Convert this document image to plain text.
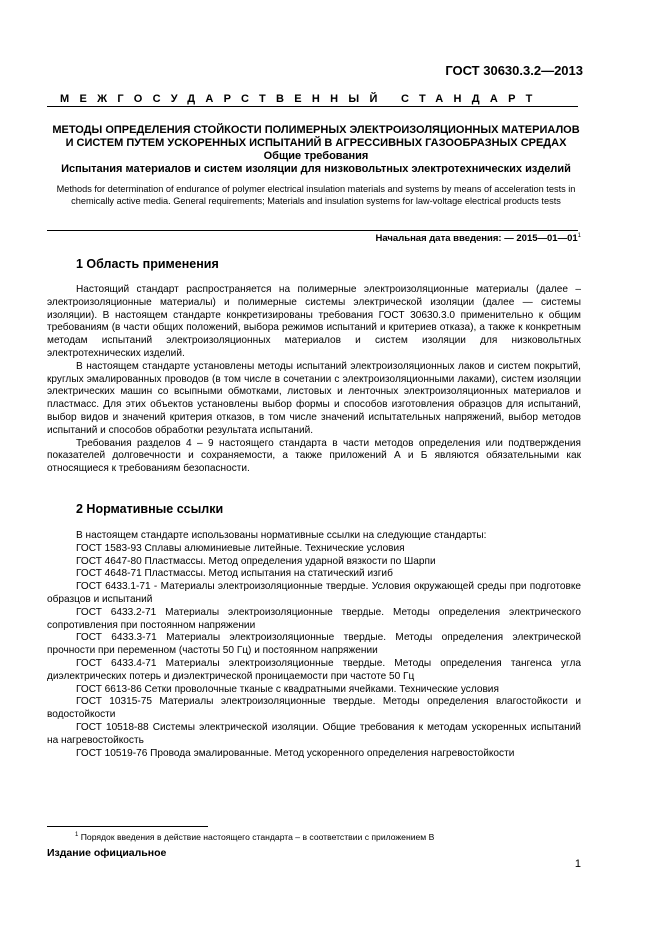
ГОСТ 30630.3.2—2013
МЕЖГОСУДАРСТВЕННЫЙ СТАНДАРТ
МЕТОДЫ ОПРЕДЕЛЕНИЯ СТОЙКОСТИ ПОЛИМЕРНЫХ ЭЛЕКТРОИЗОЛЯЦИОННЫХ МАТЕРИАЛОВ
И СИСТЕМ ПУТЕМ УСКОРЕННЫХ ИСПЫТАНИЙ В АГРЕССИВНЫХ ГАЗООБРАЗНЫХ СРЕДАХ
Общие требования
Испытания материалов и систем изоляции для низковольтных электротехнических изделий
Methods for determination of endurance of polymer electrical insulation materials and systems by means of acceleration tests in chemically active media. General requirements; Materials and insulation systems for law-voltage electrical products tests
Начальная дата введения: — $2015—01—01^1$
1 Область применения

Настоящий стандарт распространяется на полимерные электроизоляционные материалы (далее – электроизоляционные материалы) и полимерные системы электрической изоляции (далее — системы изоляции). В настоящем стандарте конкретизированы требования ГОСТ 30630.3.0 применительно к общим требованиям (в части общих положений, выбора режимов испытаний и критериев отказа), а также к конкретным методам испытаний электроизоляционных материалов и систем изоляции для низковольтных электротехнических изделий.

В настоящем стандарте установлены методы испытаний электроизоляционных лаков и систем покрытий, круглых эмалированных проводов (в том числе в сочетании с электроизоляционными лаками), систем изоляции электрических машин со всыпными обмотками, листовых и ленточных электроизоляционных материалов и пластмасс. Для этих объектов установлены выбор формы и способов изготовления образцов для испытаний, выбор видов и значений критерия отказов, в том числе значений испытательных напряжений, выбор методов испытаний и способов обработки результата испытаний.

Требования разделов 4 – 9 настоящего стандарта в части методов определения или подтверждения показателей долговечности и сохраняемости, а также приложений А и Б являются обязательными как относящиеся к требованиям безопасности.

2 Нормативные ссылки

В настоящем стандарте использованы нормативные ссылки на следующие стандарты:

ГОСТ 1583-93 Сплавы алюминиевые литейные. Технические условия

ГОСТ 4647-80 Пластмассы. Метод определения ударной вязкости по Шарпи

ГОСТ 4648-71 Пластмассы. Метод испытания на статический изгиб

ГОСТ 6433.1-71 - Материалы электроизоляционные твердые. Условия окружающей среды при подготовке образцов и испытаний

ГОСТ 6433.2-71 Материалы электроизоляционные твердые. Методы определения электрического сопротивления при постоянном напряжении

ГОСТ 6433.3-71 Материалы электроизоляционные твердые. Методы определения электрической прочности при переменном (частоты 50 Гц) и постоянном напряжении

ГОСТ 6433.4-71 Материалы электроизоляционные твердые. Методы определения тангенса угла диэлектрических потерь и диэлектрической проницаемости при частоте 50 Гц

ГОСТ 6613-86 Сетки проволочные тканые с квадратными ячейками. Технические условия

ГОСТ 10315-75 Материалы электроизоляционные твердые. Методы определения влагостойкости и водостойкости

ГОСТ 10518-88 Системы электрической изоляции. Общие требования к методам ускоренных испытаний на нагревостойкость

ГОСТ 10519-76 Провода эмалированные. Метод ускоренного определения нагревостойкости

$^1$ Порядок введения в действие настоящего стандарта – в соответствии с приложением В
Издание официальное
1
